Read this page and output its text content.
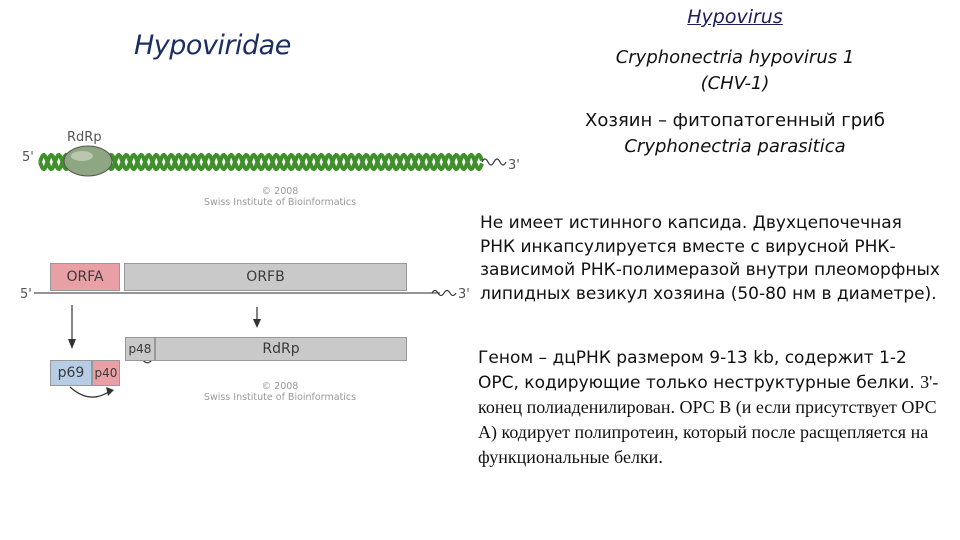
Hypoviridae
Hypovirus
Cryphonectria hypovirus 1 (CHV-1)
Хозяин – фитопатогенный гриб Cryphonectria parasitica
Не имеет истинного капсида. Двухцепочечная РНК инкапсулируется вместе с вирусной РНК-зависимой РНК-полимеразой внутри плеоморфных липидных везикул хозяина (50-80 нм в диаметре).
Геном – дцРНК размером 9-13 kb, содержит 1-2 ОРС, кодирующие только неструктурные белки. 3'-конец полиаденилирован. ОРС B (и если присутствует ОРС A) кодирует полипротеин, который после расщепляется на функциональные белки.
RdRp
5'
3'
© 2008
Swiss Institute of Bioinformatics
5'	3'
ORFA	ORFB
p48	RdRp
p69 p40
© 2008
Swiss Institute of Bioinformatics
